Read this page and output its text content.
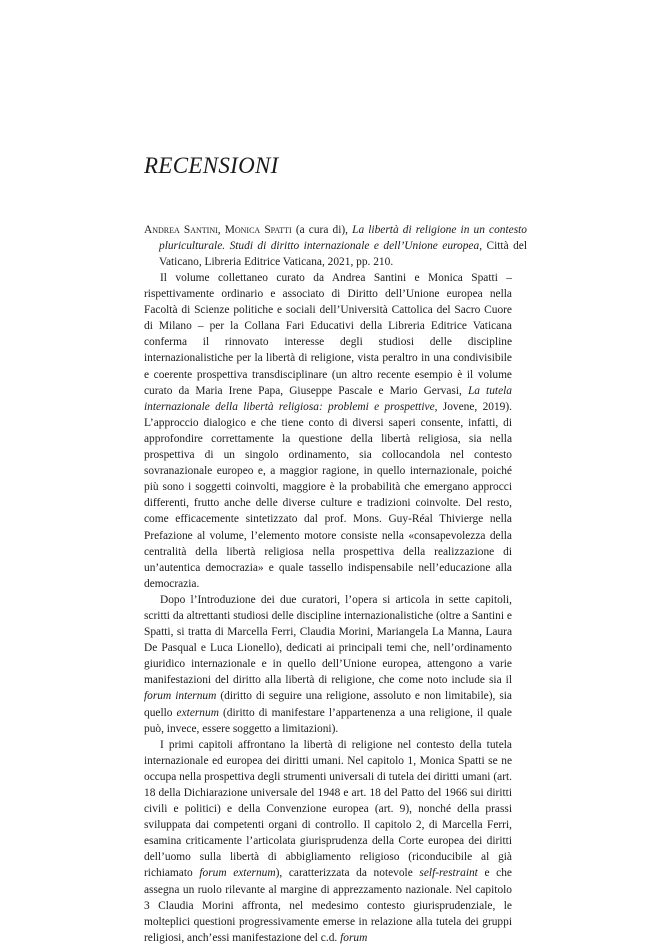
RECENSIONI

Andrea Santini, Monica Spatti (a cura di), La libertà di religione in un contesto pluriculturale. Studi di diritto internazionale e dell’Unione europea, Città del Vaticano, Libreria Editrice Vaticana, 2021, pp. 210.

Il volume collettaneo curato da Andrea Santini e Monica Spatti – rispettivamente ordinario e associato di Diritto dell’Unione europea nella Facoltà di Scienze politiche e sociali dell’Università Cattolica del Sacro Cuore di Milano – per la Collana Fari Educativi della Libreria Editrice Vaticana conferma il rinnovato interesse degli studiosi delle discipline internazionalistiche per la libertà di religione, vista peraltro in una condivisibile e coerente prospettiva transdisciplinare (un altro recente esempio è il volume curato da Maria Irene Papa, Giuseppe Pascale e Mario Gervasi, La tutela internazionale della libertà religiosa: problemi e prospettive, Jovene, 2019). L’approccio dialogico e che tiene conto di diversi saperi consente, infatti, di approfondire correttamente la questione della libertà religiosa, sia nella prospettiva di un singolo ordinamento, sia collocandola nel contesto sovranazionale europeo e, a maggior ragione, in quello internazionale, poiché più sono i soggetti coinvolti, maggiore è la probabilità che emergano approcci differenti, frutto anche delle diverse culture e tradizioni coinvolte. Del resto, come efficacemente sintetizzato dal prof. Mons. Guy-Réal Thivierge nella Prefazione al volume, l’elemento motore consiste nella «consapevolezza della centralità della libertà religiosa nella prospettiva della realizzazione di un’autentica democrazia» e quale tassello indispensabile nell’educazione alla democrazia.

Dopo l’Introduzione dei due curatori, l’opera si articola in sette capitoli, scritti da altrettanti studiosi delle discipline internazionalistiche (oltre a Santini e Spatti, si tratta di Marcella Ferri, Claudia Morini, Mariangela La Manna, Laura De Pasqual e Luca Lionello), dedicati ai principali temi che, nell’ordinamento giuridico internazionale e in quello dell’Unione europea, attengono a varie manifestazioni del diritto alla libertà di religione, che come noto include sia il forum internum (diritto di seguire una religione, assoluto e non limitabile), sia quello externum (diritto di manifestare l’appartenenza a una religione, il quale può, invece, essere soggetto a limitazioni).

I primi capitoli affrontano la libertà di religione nel contesto della tutela internazionale ed europea dei diritti umani. Nel capitolo 1, Monica Spatti se ne occupa nella prospettiva degli strumenti universali di tutela dei diritti umani (art. 18 della Dichiarazione universale del 1948 e art. 18 del Patto del 1966 sui diritti civili e politici) e della Convenzione europea (art. 9), nonché della prassi sviluppata dai competenti organi di controllo. Il capitolo 2, di Marcella Ferri, esamina criticamente l’articolata giurisprudenza della Corte europea dei diritti dell’uomo sulla libertà di abbigliamento religioso (riconducibile al già richiamato forum externum), caratterizzata da notevole self-restraint e che assegna un ruolo rilevante al margine di apprezzamento nazionale. Nel capitolo 3 Claudia Morini affronta, nel medesimo contesto giurisprudenziale, le molteplici questioni progressivamente emerse in relazione alla tutela dei gruppi religiosi, anch’essi manifestazione del c.d. forum
